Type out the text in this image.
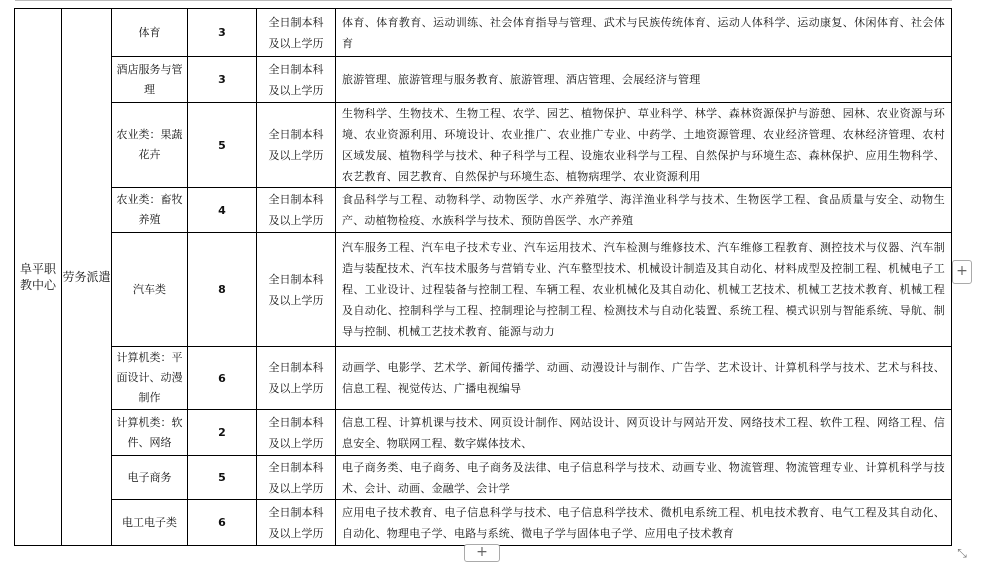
阜平职教中心	劳务派遣	体育	3	全日制本科及以上学历	体育、体育教育、运动训练、社会体育指导与管理、武术与民族传统体育、运动人体科学、运动康复、休闲体育、社会体育
		酒店服务与管理	3	全日制本科及以上学历	旅游管理、旅游管理与服务教育、旅游管理、酒店管理、会展经济与管理
		农业类：果蔬花卉	5	全日制本科及以上学历	生物科学、生物技术、生物工程、农学、园艺、植物保护、草业科学、林学、森林资源保护与游憩、园林、农业资源与环境、农业资源利用、环境设计、农业推广、农业推广专业、中药学、土地资源管理、农业经济管理、农林经济管理、农村区域发展、植物科学与技术、种子科学与工程、设施农业科学与工程、自然保护与环境生态、森林保护、应用生物科学、农艺教育、园艺教育、自然保护与环境生态、植物病理学、农业资源利用
		农业类：畜牧养殖	4	全日制本科及以上学历	食品科学与工程、动物科学、动物医学、水产养殖学、海洋渔业科学与技术、生物医学工程、食品质量与安全、动物生产、动植物检疫、水族科学与技术、预防兽医学、水产养殖
		汽车类	8	全日制本科及以上学历	汽车服务工程、汽车电子技术专业、汽车运用技术、汽车检测与维修技术、汽车维修工程教育、测控技术与仪器、汽车制造与装配技术、汽车技术服务与营销专业、汽车整型技术、机械设计制造及其自动化、材料成型及控制工程、机械电子工程、工业设计、过程装备与控制工程、车辆工程、农业机械化及其自动化、机械工艺技术、机械工艺技术教育、机械工程及自动化、控制科学与工程、控制理论与控制工程、检测技术与自动化装置、系统工程、模式识别与智能系统、导航、制导与控制、机械工艺技术教育、能源与动力
		计算机类：平面设计、动漫制作	6	全日制本科及以上学历	动画学、电影学、艺术学、新闻传播学、动画、动漫设计与制作、广告学、艺术设计、计算机科学与技术、艺术与科技、信息工程、视觉传达、广播电视编导
		计算机类：软件、网络	2	全日制本科及以上学历	信息工程、计算机课与技术、网页设计制作、网站设计、网页设计与网站开发、网络技术工程、软件工程、网络工程、信息安全、物联网工程、数字媒体技术、
		电子商务	5	全日制本科及以上学历	电子商务类、电子商务、电子商务及法律、电子信息科学与技术、动画专业、物流管理、物流管理专业、计算机科学与技术、会计、动画、金融学、会计学
		电工电子类	6	全日制本科及以上学历	应用电子技术教育、电子信息科学与技术、电子信息科学技术、微机电系统工程、机电技术教育、电气工程及其自动化、自动化、物理电子学、电路与系统、微电子学与固体电子学、应用电子技术教育
+
+	⤡
